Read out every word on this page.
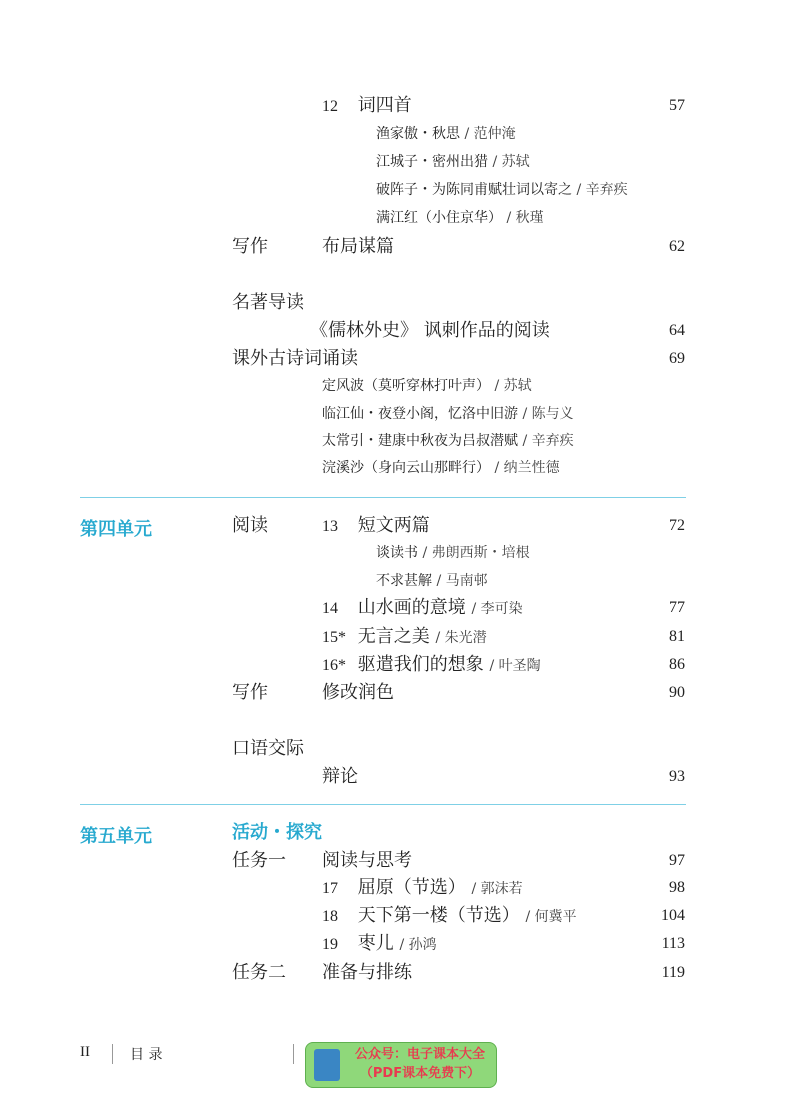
12 词四首	57
渔家傲・秋思 / 范仲淹
江城子・密州出猎 / 苏轼
破阵子・为陈同甫赋壮词以寄之 / 辛弃疾
满江红（小住京华） / 秋瑾
写作	布局谋篇	62
名著导读
《儒林外史》 讽刺作品的阅读	64
课外古诗词诵读	69
定风波（莫听穿林打叶声） / 苏轼
临江仙・夜登小阁，忆洛中旧游 / 陈与义
太常引・建康中秋夜为吕叔潜赋 / 辛弃疾
浣溪沙（身向云山那畔行） / 纳兰性德
第四单元	阅读	13 短文两篇	72
谈读书 / 弗朗西斯・培根
不求甚解 / 马南邨
14 山水画的意境 / 李可染	77
15* 无言之美 / 朱光潜	81
16* 驱遣我们的想象 / 叶圣陶	86
写作	修改润色	90
口语交际
辩论	93
第五单元	活动・探究
任务一 阅读与思考	97
17 屈原（节选） / 郭沫若	98
18 天下第一楼（节选） / 何冀平	104
19 枣儿 / 孙鸿	113
任务二 准备与排练	119
II	目 录	公众号：电子课本大全
（PDF课本免费下）
